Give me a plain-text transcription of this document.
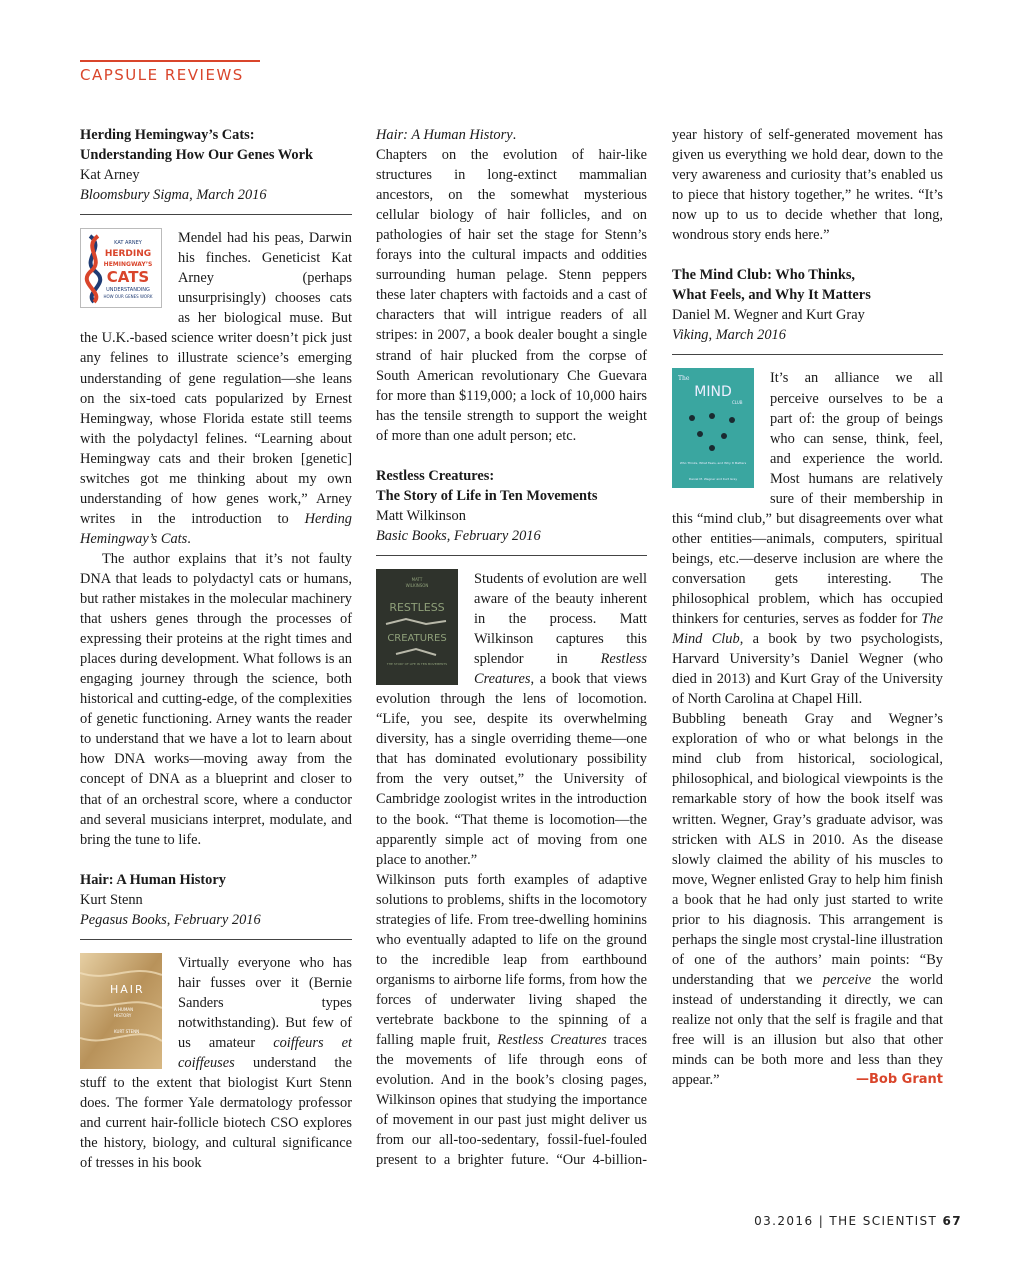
CAPSULE REVIEWS
Herding Hemingway’s Cats:
Understanding How Our Genes Work
Kat Arney
Bloomsbury Sigma, March 2016
KAT ARNEY
HERDING
HEMINGWAY’S
CATS
UNDERSTANDING
HOW OUR GENES WORK

Mendel had his peas, Darwin his finches. Geneticist Kat Arney (perhaps unsurprisingly) chooses cats as her biological muse. But the U.K.-based science writer doesn’t pick just any felines to illustrate science’s emerging understanding of gene regulation—she leans on the six-toed cats popularized by Ernest Hemingway, whose Florida estate still teems with the polydactyl felines. “Learning about Hemingway cats and their broken [genetic] switches got me thinking about my own understanding of how genes work,” Arney writes in the introduction to Herding Hemingway’s Cats.

The author explains that it’s not faulty DNA that leads to polydactyl cats or humans, but rather mistakes in the molecular machinery that ushers genes through the processes of expressing their proteins at the right times and places during development. What follows is an engaging journey through the science, both historical and cutting-edge, of the complexities of genetic functioning. Arney wants the reader to understand that we have a lot to learn about how DNA works—moving away from the concept of DNA as a blueprint and closer to that of an orchestral score, where a conductor and several musicians interpret, modulate, and bring the tune to life.

Hair: A Human History
Kurt Stenn
Pegasus Books, February 2016
HAIR
A HUMAN
HISTORY
KURT STENN

Virtually everyone who has hair fusses over it (Bernie Sanders types notwithstanding). But few of us amateur coiffeurs et coiffeuses understand the stuff to the extent that biologist Kurt Stenn does. The former Yale dermatology professor and current hair-follicle biotech CSO explores the history, biology, and cultural significance of tresses in his book

03.2016 | THE SCIENTIST 67

Hair: A Human History.

Chapters on the evolution of hair-like structures in long-extinct mammalian ancestors, on the somewhat mysterious cellular biology of hair follicles, and on pathologies of hair set the stage for Stenn’s forays into the cultural impacts and oddities surrounding human pelage. Stenn peppers these later chapters with factoids and a cast of characters that will intrigue readers of all stripes: in 2007, a book dealer bought a single strand of hair plucked from the corpse of South American revolutionary Che Guevara for more than $119,000; a lock of 10,000 hairs has the tensile strength to support the weight of more than one adult person; etc.

Restless Creatures:
The Story of Life in Ten Movements
Matt Wilkinson
Basic Books, February 2016
MATT
WILKINSON
RESTLESS
CREATURES
THE STORY OF LIFE IN TEN MOVEMENTS

Students of evolution are well aware of the beauty inherent in the process. Matt Wilkinson captures this splendor in Restless Creatures, a book that views evolution through the lens of locomotion. “Life, you see, despite its overwhelming diversity, has a single overriding theme—one that has dominated evolutionary possibility from the very outset,” the University of Cambridge zoologist writes in the introduction to the book. “That theme is locomotion—the apparently simple act of moving from one place to another.”

Wilkinson puts forth examples of adaptive solutions to problems, shifts in the locomotory strategies of life. From tree-dwelling hominins who eventually adapted to life on the ground to the incredible leap from earthbound organisms to airborne life forms, from how the forces of underwater living shaped the vertebrate backbone to the spinning of a falling maple fruit, Restless Creatures traces the movements of life through eons of evolution. And in the book’s closing pages, Wilkinson opines that studying the importance of movement in our past just might deliver us from our all-too-sedentary, fossil-fuel-fouled present to a brighter future. “Our 4-billion-year history of self-generated movement has given us everything we hold dear, down to the very awareness and curiosity that’s enabled us to piece that history together,” he writes. “It’s now up to us to decide whether that long, wondrous story ends here.”

The Mind Club: Who Thinks,
What Feels, and Why It Matters
Daniel M. Wegner and Kurt Gray
Viking, March 2016
The
MIND
CLUB
Who Thinks, What Feels, and Why It Matters
Daniel M. Wegner and Kurt Gray

It’s an alliance we all perceive ourselves to be a part of: the group of beings who can sense, think, feel, and experience the world. Most humans are relatively sure of their membership in this “mind club,” but disagreements over what other entities—animals, computers, spiritual beings, etc.—deserve inclusion are where the conversation gets interesting. The philosophical problem, which has occupied thinkers for centuries, serves as fodder for The Mind Club, a book by two psychologists, Harvard University’s Daniel Wegner (who died in 2013) and Kurt Gray of the University of North Carolina at Chapel Hill.

Bubbling beneath Gray and Wegner’s exploration of who or what belongs in the mind club from historical, sociological, philosophical, and biological viewpoints is the remarkable story of how the book itself was written. Wegner, Gray’s graduate advisor, was stricken with ALS in 2010. As the disease slowly claimed the ability of his muscles to move, Wegner enlisted Gray to help him finish a book that he had only just started to write prior to his diagnosis. This arrangement is perhaps the single most crystal-line illustration of one of the authors’ main points: “By understanding that we perceive the world instead of understanding it directly, we can realize not only that the self is fragile and that free will is an illusion but also that other minds can be both more and less than they appear.”	—Bob Grant
